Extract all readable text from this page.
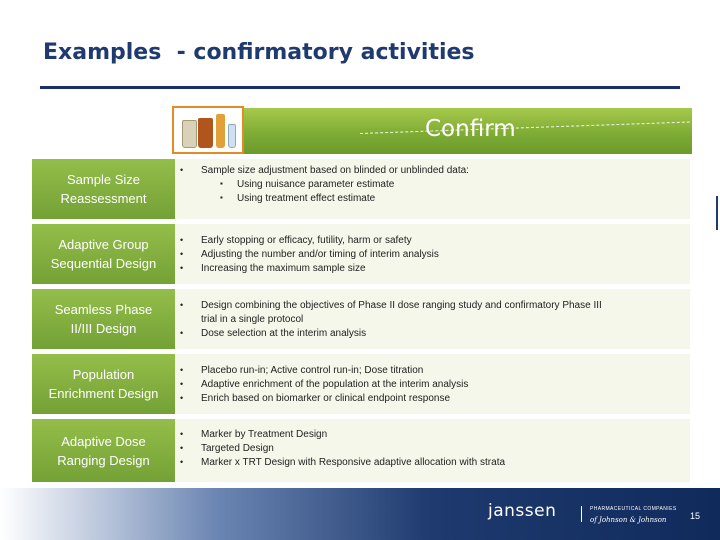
Examples  - confirmatory activities
Confirm
Sample Size
Reassessment
• Sample size adjustment based on blinded or unblinded data:
▪ Using nuisance parameter estimate
▪ Using treatment effect estimate
Adaptive Group
Sequential Design
• Early stopping or efficacy, futility, harm or safety
• Adjusting the number and/or timing of interim analysis
• Increasing the maximum sample size
Seamless Phase
II/III Design
• Design combining the objectives of Phase II dose ranging study and confirmatory Phase III
trial in a single protocol
• Dose selection at the interim analysis
Population
Enrichment Design
• Placebo run-in; Active control run-in; Dose titration
• Adaptive enrichment of the population at the interim analysis
• Enrich based on biomarker or clinical endpoint response
Adaptive Dose
Ranging Design
• Marker by Treatment Design
• Targeted Design
• Marker x TRT Design with Responsive adaptive allocation with strata
janssen	PHARMACEUTICAL COMPANIES
of Johnson & Johnson	15
